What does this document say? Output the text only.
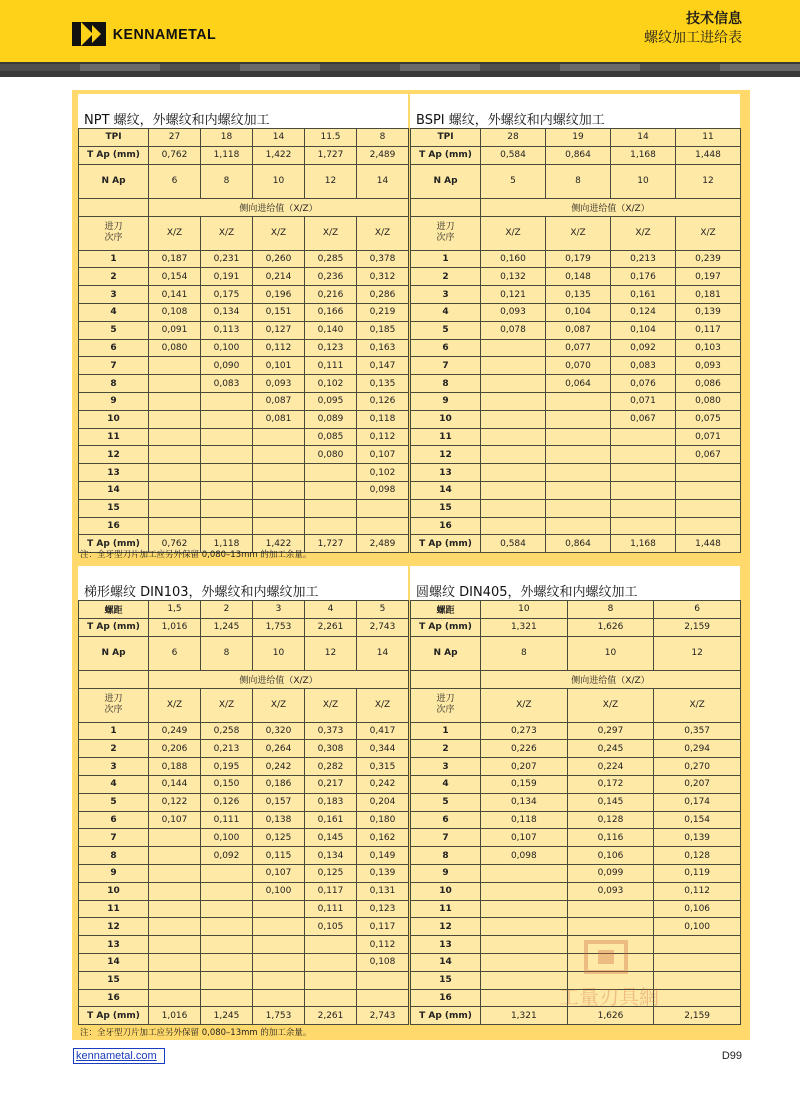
KENNAMETAL
技术信息
螺纹加工进给表
NPT 螺纹，外螺纹和内螺纹加工
TPI	27	18	14	11.5	8
T Ap (mm)	0,762	1,118	1,422	1,727	2,489
N Ap	6	8	10	12	14
	侧向进给值（X/Z）				
进刀
次序	X/Z	X/Z	X/Z	X/Z	X/Z
1	0,187	0,231	0,260	0,285	0,378
2	0,154	0,191	0,214	0,236	0,312
3	0,141	0,175	0,196	0,216	0,286
4	0,108	0,134	0,151	0,166	0,219
5	0,091	0,113	0,127	0,140	0,185
6	0,080	0,100	0,112	0,123	0,163
7		0,090	0,101	0,111	0,147
8		0,083	0,093	0,102	0,135
9			0,087	0,095	0,126
10			0,081	0,089	0,118
11				0,085	0,112
12				0,080	0,107
13					0,102
14					0,098
15					
16					
T Ap (mm)	0,762	1,118	1,422	1,727	2,489
BSPI 螺纹，外螺纹和内螺纹加工
TPI	28	19	14	11
T Ap (mm)	0,584	0,864	1,168	1,448
N Ap	5	8	10	12
	侧向进给值（X/Z）			
进刀
次序	X/Z	X/Z	X/Z	X/Z
1	0,160	0,179	0,213	0,239
2	0,132	0,148	0,176	0,197
3	0,121	0,135	0,161	0,181
4	0,093	0,104	0,124	0,139
5	0,078	0,087	0,104	0,117
6		0,077	0,092	0,103
7		0,070	0,083	0,093
8		0,064	0,076	0,086
9			0,071	0,080
10			0,067	0,075
11				0,071
12				0,067
13				
14				
15				
16				
T Ap (mm)	0,584	0,864	1,168	1,448
注：全牙型刀片加工应另外保留 0,080–13mm 的加工余量。
梯形螺纹 DIN103，外螺纹和内螺纹加工
螺距	1,5	2	3	4	5
T Ap (mm)	1,016	1,245	1,753	2,261	2,743
N Ap	6	8	10	12	14
	侧向进给值（X/Z）				
进刀
次序	X/Z	X/Z	X/Z	X/Z	X/Z
1	0,249	0,258	0,320	0,373	0,417
2	0,206	0,213	0,264	0,308	0,344
3	0,188	0,195	0,242	0,282	0,315
4	0,144	0,150	0,186	0,217	0,242
5	0,122	0,126	0,157	0,183	0,204
6	0,107	0,111	0,138	0,161	0,180
7		0,100	0,125	0,145	0,162
8		0,092	0,115	0,134	0,149
9			0,107	0,125	0,139
10			0,100	0,117	0,131
11				0,111	0,123
12				0,105	0,117
13					0,112
14					0,108
15					
16					
T Ap (mm)	1,016	1,245	1,753	2,261	2,743
圆螺纹 DIN405，外螺纹和内螺纹加工
螺距	10	8	6
T Ap (mm)	1,321	1,626	2,159
N Ap	8	10	12
	侧向进给值（X/Z）		
进刀
次序	X/Z	X/Z	X/Z
1	0,273	0,297	0,357
2	0,226	0,245	0,294
3	0,207	0,224	0,270
4	0,159	0,172	0,207
5	0,134	0,145	0,174
6	0,118	0,128	0,154
7	0,107	0,116	0,139
8	0,098	0,106	0,128
9		0,099	0,119
10		0,093	0,112
11			0,106
12			0,100
13			
14			
15			
16			
T Ap (mm)	1,321	1,626	2,159
注：全牙型刀片加工应另外保留 0,080–13mm 的加工余量。
工量刃具網
kennametal.com	D99
